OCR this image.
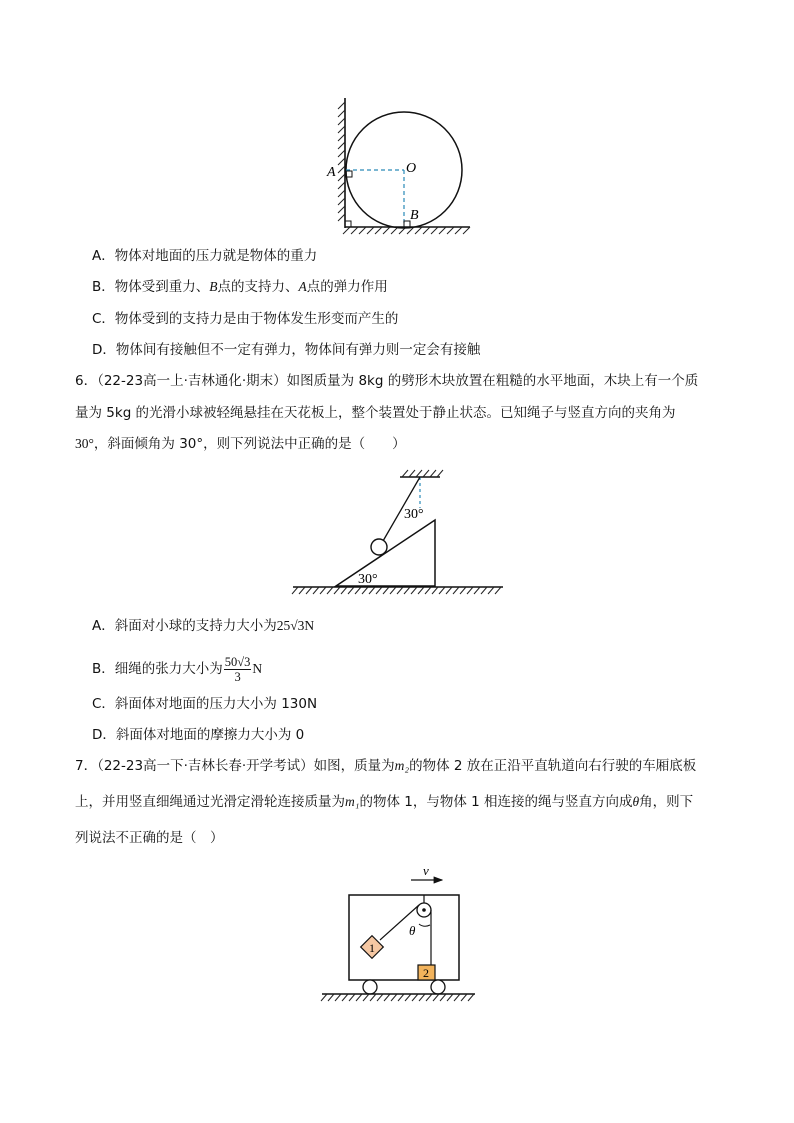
A	O
B
A．物体对地面的压力就是物体的重力
B．物体受到重力、B点的支持力、A点的弹力作用
C．物体受到的支持力是由于物体发生形变而产生的
D．物体间有接触但不一定有弹力，物体间有弹力则一定会有接触
6．（22-23高一上·吉林通化·期末）如图质量为 8kg 的劈形木块放置在粗糙的水平地面，木块上有一个质
量为 5kg 的光滑小球被轻绳悬挂在天花板上，整个装置处于静止状态。已知绳子与竖直方向的夹角为
30°，斜面倾角为 30°，则下列说法中正确的是（　　）
30°
30°
A．斜面对小球的支持力大小为25√3N
B．细绳的张力大小为 $\frac{50√3}{3}$ N
C．斜面体对地面的压力大小为 130N
D．斜面体对地面的摩擦力大小为 0
7．（22-23高一下·吉林长春·开学考试）如图，质量为m₂的物体 2 放在正沿平直轨道向右行驶的车厢底板
上，并用竖直细绳通过光滑定滑轮连接质量为m₁的物体 1，与物体 1 相连接的绳与竖直方向成θ角，则下
列说法不正确的是（　）
v
θ
1
2
